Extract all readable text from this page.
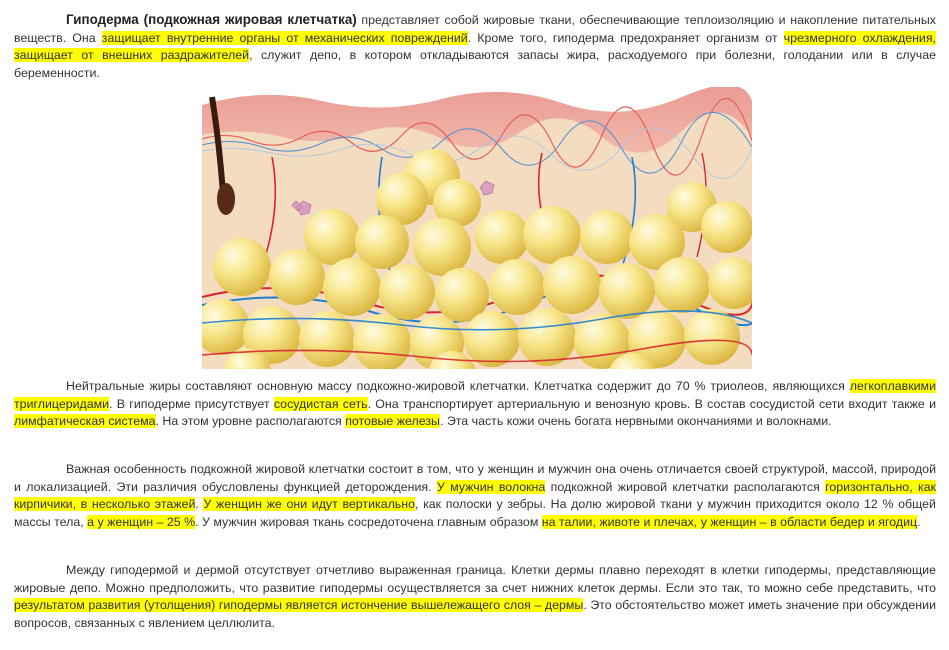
Гиподерма (подкожная жировая клетчатка) представляет собой жировые ткани, обеспечивающие теплоизоляцию и накопление питательных веществ. Она защищает внутренние органы от механических повреждений. Кроме того, гиподерма предохраняет организм от чрезмерного охлаждения, защищает от внешних раздражителей, служит депо, в котором откладываются запасы жира, расходуемого при болезни, голодании или в случае беременности.

Нейтральные жиры составляют основную массу подкожно-жировой клетчатки. Клетчатка содержит до 70 % триолеов, являющихся легкоплавкими триглицеридами. В гиподерме присутствует сосудистая сеть. Она транспортирует артериальную и венозную кровь. В состав сосудистой сети входит также и лимфатическая система. На этом уровне располагаются потовые железы. Эта часть кожи очень богата нервными окончаниями и волокнами.

Важная особенность подкожной жировой клетчатки состоит в том, что у женщин и мужчин она очень отличается своей структурой, массой, природой и локализацией. Эти различия обусловлены функцией деторождения. У мужчин волокна подкожной жировой клетчатки располагаются горизонтально, как кирпичики, в несколько этажей. У женщин же они идут вертикально, как полоски у зебры. На долю жировой ткани у мужчин приходится около 12 % общей массы тела, а у женщин – 25 %. У мужчин жировая ткань сосредоточена главным образом на талии, животе и плечах, у женщин – в области бедер и ягодиц.

Между гиподермой и дермой отсутствует отчетливо выраженная граница. Клетки дермы плавно переходят в клетки гиподермы, представляющие жировые депо. Можно предположить, что развитие гиподермы осуществляется за счет нижних клеток дермы. Если это так, то можно себе представить, что результатом развития (утолщения) гиподермы является истончение вышележащего слоя – дермы. Это обстоятельство может иметь значение при обсуждении вопросов, связанных с явлением целлюлита.
